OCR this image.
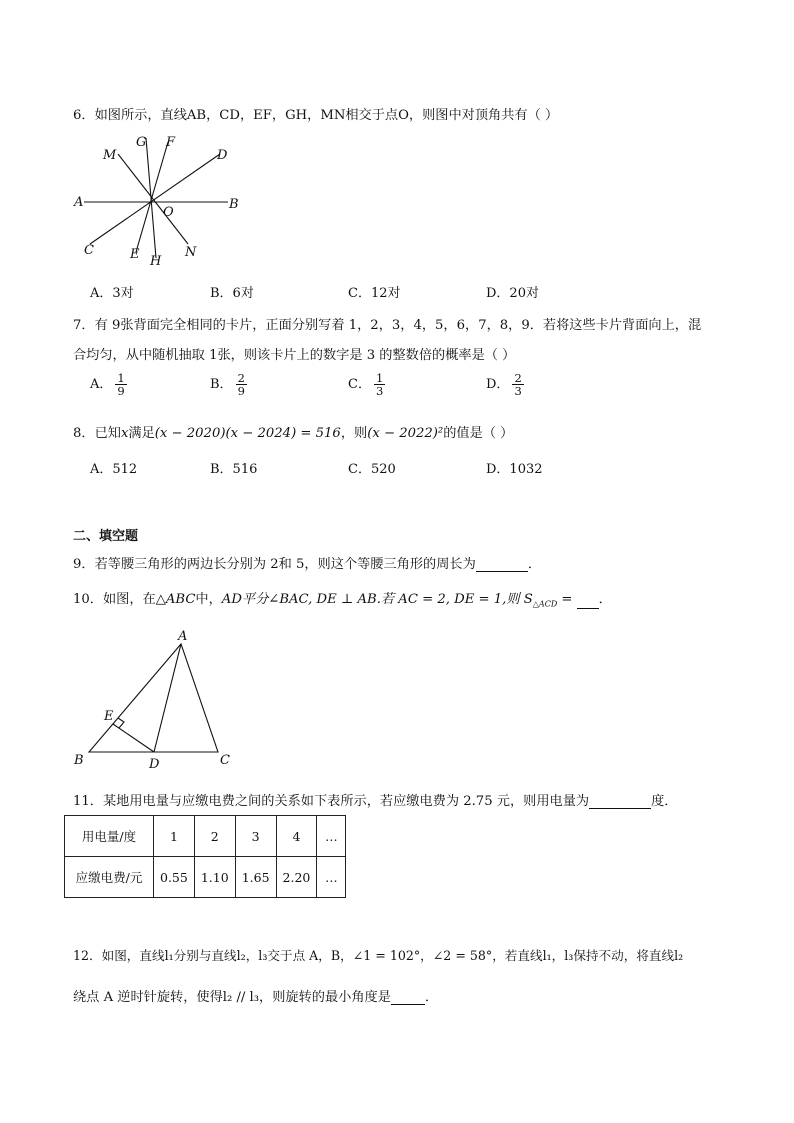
6．如图所示，直线AB，CD，EF，GH，MN相交于点O，则图中对顶角共有（ ）
A	B
C
D
E
F
G
H
M
N
O
A．3对	B．6对	C．12对	D．20对
7．有 9张背面完全相同的卡片，正面分别写着 1，2，3，4，5，6，7，8，9．若将这些卡片背面向上，混
合均匀，从中随机抽取 1张，则该卡片上的数字是 3 的整数倍的概率是（ ）
A． $\frac{1}{9}$	B． $\frac{2}{9}$	C． $\frac{1}{3}$	D． $\frac{2}{3}$
8．已知x满足(x − 2020)(x − 2024) = 516，则(x − 2022)²的值是（ ）
A．512	B．516	C．520	D．1032
二、填空题
9．若等腰三角形的两边长分别为 2和 5，则这个等腰三角形的周长为	．
10．如图，在△ABC中，AD平分∠BAC, DE ⊥ AB.若 AC = 2, DE = 1,则 $S_{\triangle ACD}$ = ．
A
B	C
D
E
11．某地用电量与应缴电费之间的关系如下表所示，若应缴电费为 2.75 元，则用电量为	度．
用电量/度	1	2	3	4	…
应缴电费/元	0.55	1.10	1.65	2.20	…
12．如图，直线l₁分别与直线l₂，l₃交于点 A，B，∠1 = 102°，∠2 = 58°，若直线l₁，l₃保持不动，将直线l₂
绕点 A 逆时针旋转，使得l₂ // l₃，则旋转的最小角度是	．
